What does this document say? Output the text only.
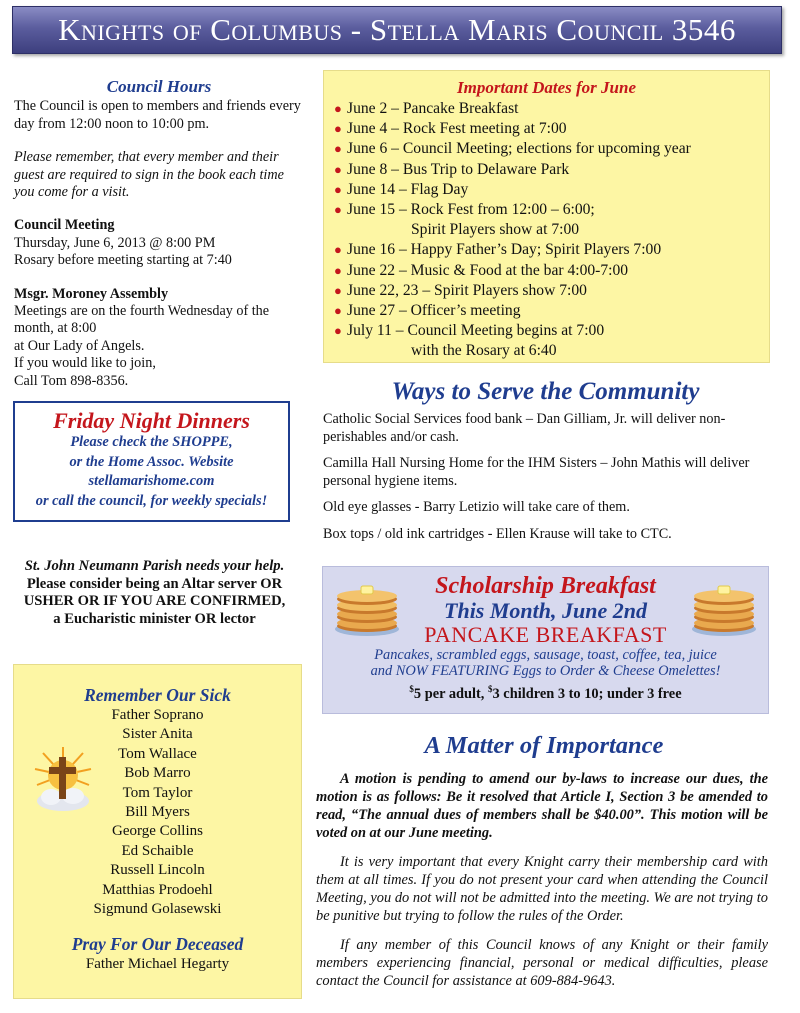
Knights of Columbus - Stella Maris Council 3546
Council Hours

The Council is open to members and friends every day from 12:00 noon to 10:00 pm.

Please remember, that every member and their guest are required to sign in the book each time you come for a visit.

Council Meeting

Thursday, June 6, 2013 @ 8:00 PM

Rosary before meeting starting at 7:40

Msgr. Moroney Assembly

Meetings are on the fourth Wednesday of the month, at 8:00

at Our Lady of Angels.

If you would like to join,

Call Tom 898-8356.

Important Dates for June
● June 2 – Pancake Breakfast
● June 4 – Rock Fest meeting at 7:00
● June 6 – Council Meeting; elections for upcoming year
● June 8 – Bus Trip to Delaware Park
● June 14 – Flag Day
● June 15 – Rock Fest from 12:00 – 6:00;
Spirit Players show at 7:00
● June 16 – Happy Father’s Day; Spirit Players 7:00
● June 22 – Music & Food at the bar 4:00-7:00
● June 22, 23 – Spirit Players show 7:00
● June 27 – Officer’s meeting
● July 11 – Council Meeting begins at 7:00
with the Rosary at 6:40
Ways to Serve the Community

Catholic Social Services food bank – Dan Gilliam, Jr. will deliver non-perishables and/or cash.

Camilla Hall Nursing Home for the IHM Sisters – John Mathis will deliver personal hygiene items.

Old eye glasses - Barry Letizio will take care of them.

Box tops / old ink cartridges - Ellen Krause will take to CTC.

Friday Night Dinners
Please check the SHOPPE,
or the Home Assoc. Website
stellamarishome.com
or call the council, for weekly specials!
St. John Neumann Parish needs your help.
Please consider being an Altar server OR
USHER OR IF YOU ARE CONFIRMED,
a Eucharistic minister OR lector
Scholarship Breakfast
This Month, June 2nd
PANCAKE BREAKFAST
Pancakes, scrambled eggs, sausage, toast, coffee, tea, juice
and NOW FEATURING Eggs to Order & Cheese Omelettes!
$5 per adult, $3 children 3 to 10; under 3 free
Remember Our Sick
Father Soprano
Sister Anita
Tom Wallace
Bob Marro
Tom Taylor
Bill Myers
George Collins
Ed Schaible
Russell Lincoln
Matthias Prodoehl
Sigmund Golasewski
Pray For Our Deceased
Father Michael Hegarty
A Matter of Importance

A motion is pending to amend our by-laws to increase our dues, the motion is as follows: Be it resolved that Article I, Section 3 be amended to read, “The annual dues of members shall be $40.00”. This motion will be voted on at our June meeting.

It is very important that every Knight carry their membership card with them at all times. If you do not present your card when attending the Council Meeting, you do not will not be admitted into the meeting. We are not trying to be punitive but trying to follow the rules of the Order.

If any member of this Council knows of any Knight or their family members experiencing financial, personal or medical difficulties, please contact the Council for assistance at 609-884-9643.
